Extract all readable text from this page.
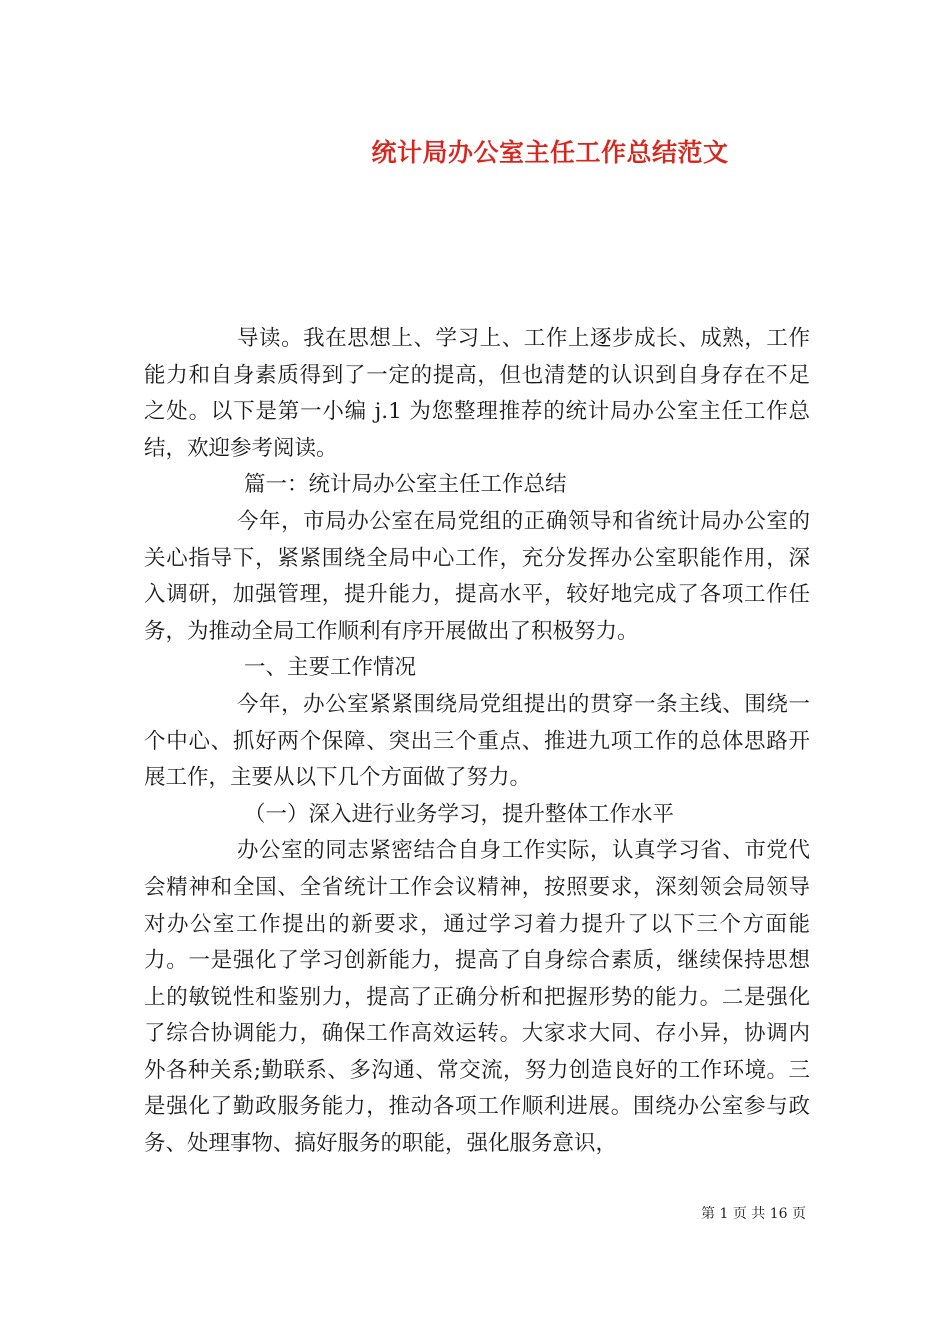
统计局办公室主任工作总结范文

导读。我在思想上、学习上、工作上逐步成长、成熟，工作能力和自身素质得到了一定的提高，但也清楚的认识到自身存在不足之处。以下是第一小编 j.1 为您整理推荐的统计局办公室主任工作总结，欢迎参考阅读。

篇一：统计局办公室主任工作总结

今年，市局办公室在局党组的正确领导和省统计局办公室的关心指导下，紧紧围绕全局中心工作，充分发挥办公室职能作用，深入调研，加强管理，提升能力，提高水平，较好地完成了各项工作任务，为推动全局工作顺利有序开展做出了积极努力。

一、主要工作情况

今年，办公室紧紧围绕局党组提出的贯穿一条主线、围绕一个中心、抓好两个保障、突出三个重点、推进九项工作的总体思路开展工作，主要从以下几个方面做了努力。

（一）深入进行业务学习，提升整体工作水平

办公室的同志紧密结合自身工作实际，认真学习省、市党代会精神和全国、全省统计工作会议精神，按照要求，深刻领会局领导对办公室工作提出的新要求，通过学习着力提升了以下三个方面能力。一是强化了学习创新能力，提高了自身综合素质，继续保持思想上的敏锐性和鉴别力，提高了正确分析和把握形势的能力。二是强化了综合协调能力，确保工作高效运转。大家求大同、存小异，协调内外各种关系;勤联系、多沟通、常交流，努力创造良好的工作环境。三是强化了勤政服务能力，推动各项工作顺利进展。围绕办公室参与政务、处理事物、搞好服务的职能，强化服务意识，

第 1 页 共 16 页
